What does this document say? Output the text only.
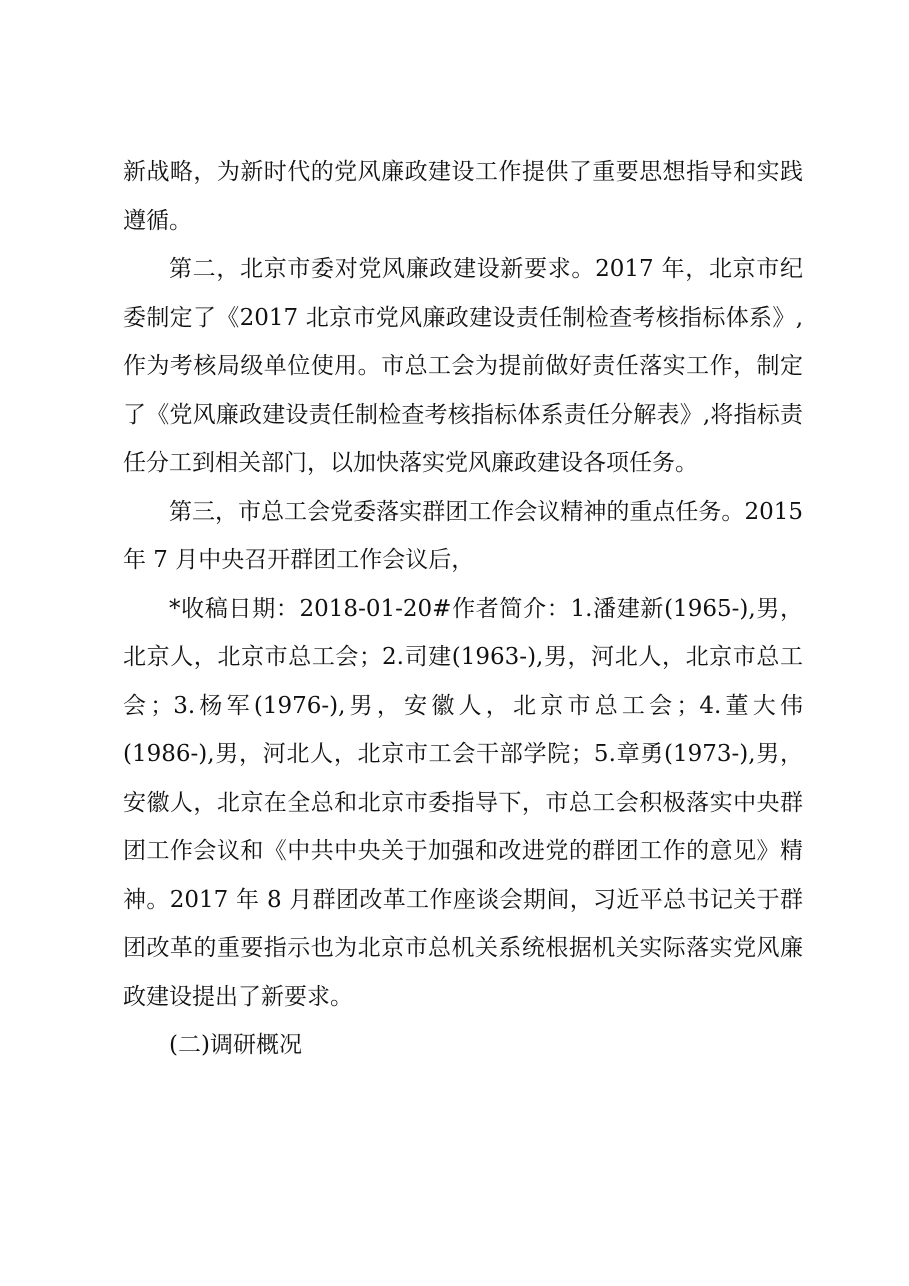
新战略，为新时代的党风廉政建设工作提供了重要思想指导和实践遵循。

第二，北京市委对党风廉政建设新要求。2017 年，北京市纪委制定了《2017 北京市党风廉政建设责任制检查考核指标体系》,作为考核局级单位使用。市总工会为提前做好责任落实工作，制定了《党风廉政建设责任制检查考核指标体系责任分解表》,将指标责任分工到相关部门，以加快落实党风廉政建设各项任务。

第三，市总工会党委落实群团工作会议精神的重点任务。2015 年 7 月中央召开群团工作会议后，

*收稿日期：2018-01-20#作者简介：1.潘建新(1965-),男，北京人，北京市总工会；2.司建(1963-),男，河北人，北京市总工会；3.杨军(1976-),男，安徽人，北京市总工会；4.董大伟(1986-),男，河北人，北京市工会干部学院；5.章勇(1973-),男，安徽人，北京在全总和北京市委指导下，市总工会积极落实中央群团工作会议和《中共中央关于加强和改进党的群团工作的意见》精神。2017 年 8 月群团改革工作座谈会期间，习近平总书记关于群团改革的重要指示也为北京市总机关系统根据机关实际落实党风廉政建设提出了新要求。

(二)调研概况
